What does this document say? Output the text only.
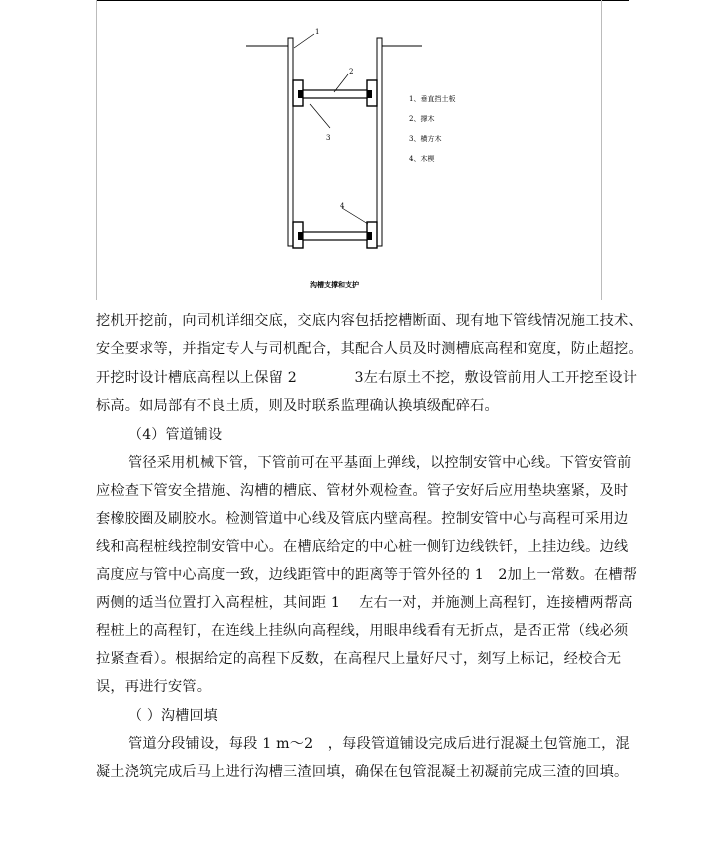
1
2
3
4
1、垂直挡土板
2、撑木
3、横方木
4、木楔
沟槽支撑和支护
挖机开挖前，向司机详细交底，交底内容包括挖槽断面、现有地下管线情况施工技术、
安全要求等，并指定专人与司机配合，其配合人员及时测槽底高程和宽度，防止超挖。
开挖时设计槽底高程以上保留 2　　　　3左右原土不挖，敷设管前用人工开挖至设计
标高。如局部有不良土质，则及时联系监理确认换填级配碎石。
（4）管道铺设
管径采用机械下管，下管前可在平基面上弹线，以控制安管中心线。下管安管前
应检查下管安全措施、沟槽的槽底、管材外观检查。管子安好后应用垫块塞紧，及时
套橡胶圈及刷胶水。检测管道中心线及管底内壁高程。控制安管中心与高程可采用边
线和高程桩线控制安管中心。在槽底给定的中心桩一侧钉边线铁钎，上挂边线。边线
高度应与管中心高度一致，边线距管中的距离等于管外径的 1　2加上一常数。在槽帮
两侧的适当位置打入高程桩，其间距 1　 左右一对，并施测上高程钉，连接槽两帮高
程桩上的高程钉，在连线上挂纵向高程线，用眼串线看有无折点，是否正常（线必须
拉紧查看）。根据给定的高程下反数，在高程尺上量好尺寸，刻写上标记，经校合无
误，再进行安管。
（ ）沟槽回填
管道分段铺设，每段 1 m～2　，每段管道铺设完成后进行混凝土包管施工，混
凝土浇筑完成后马上进行沟槽三渣回填，确保在包管混凝土初凝前完成三渣的回填。
